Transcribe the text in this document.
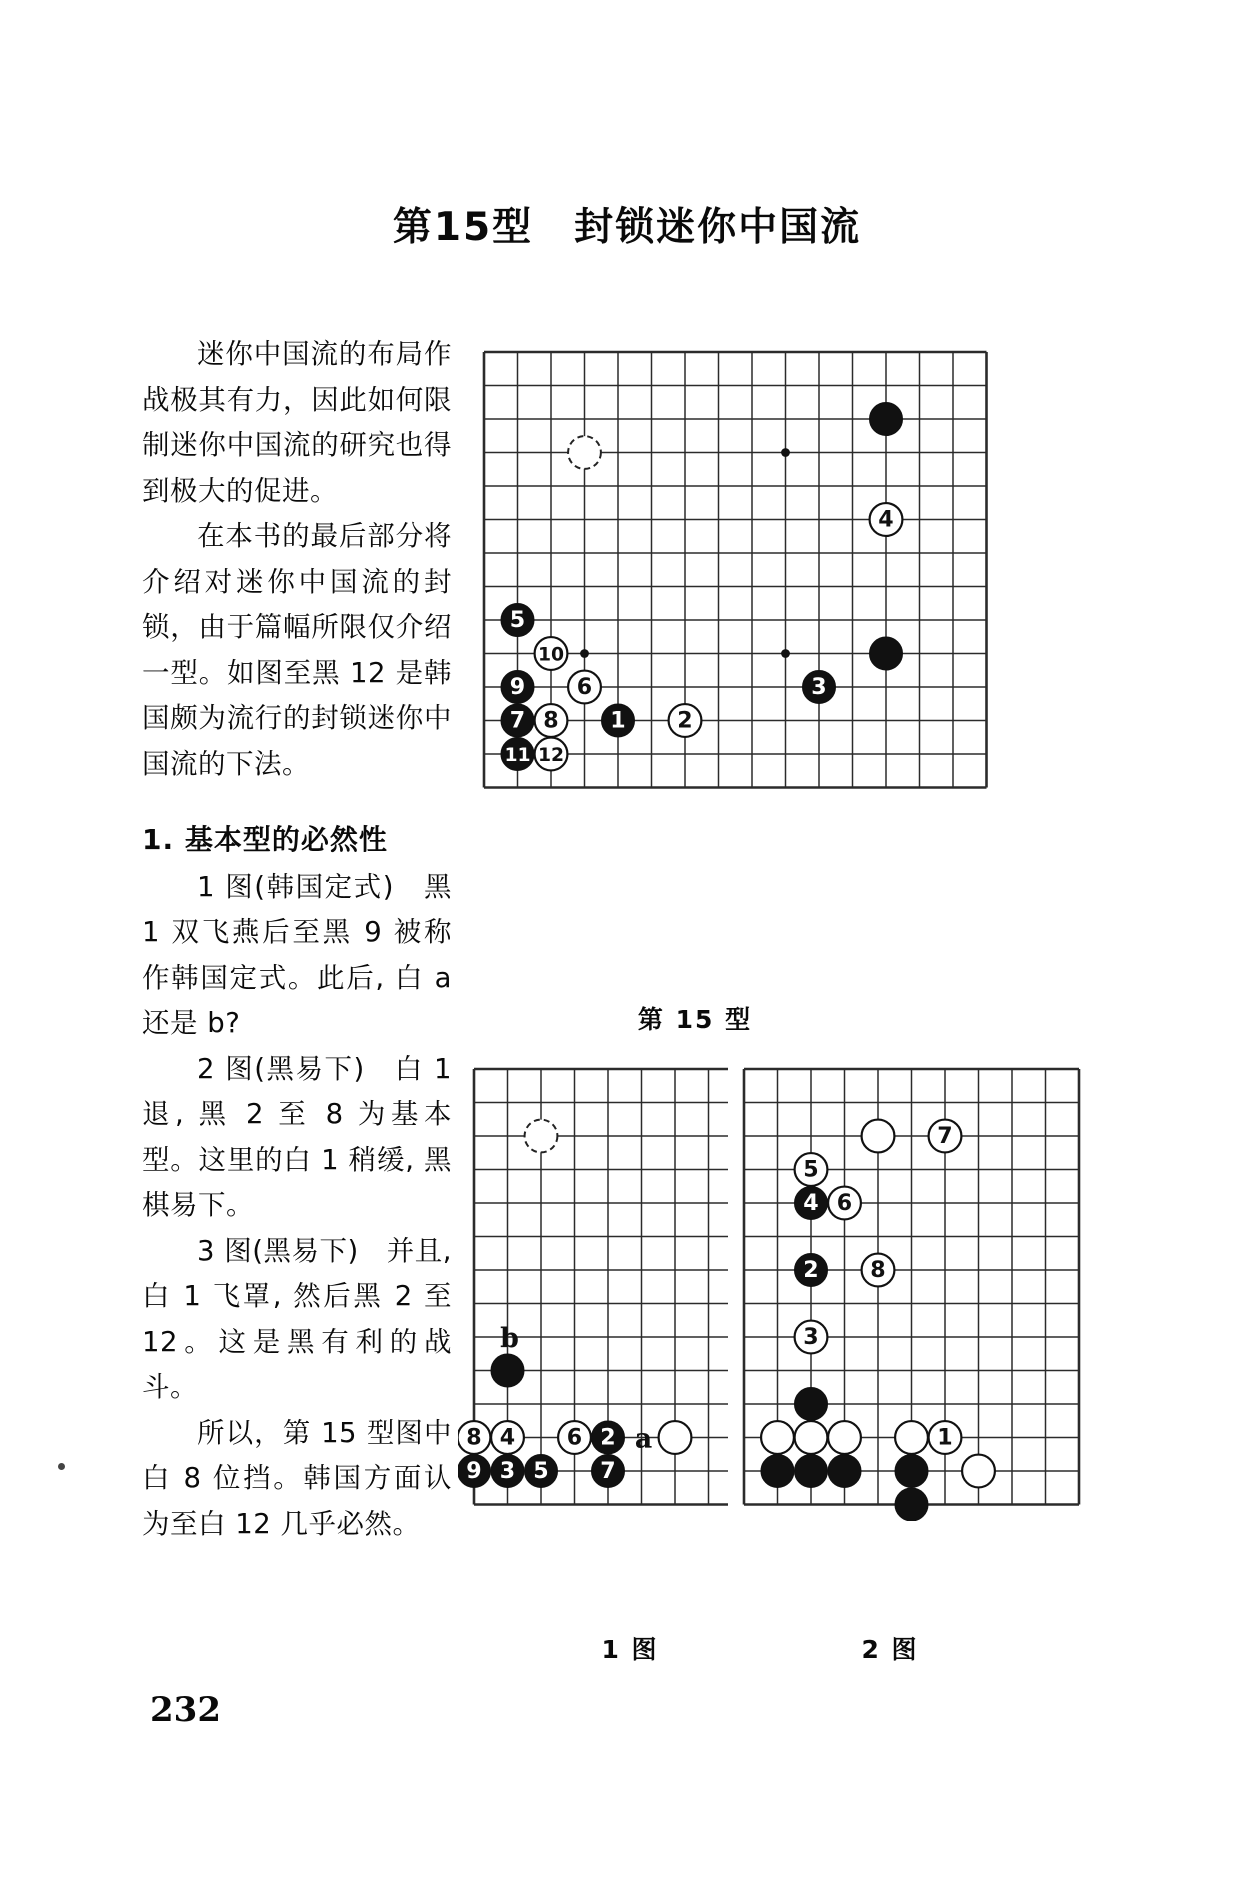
第15型　封锁迷你中国流

迷你中国流的布局作战极其有力，因此如何限制迷你中国流的研究也得到极大的促进。

在本书的最后部分将介绍对迷你中国流的封锁，由于篇幅所限仅介绍一型。如图至黑 12 是韩国颇为流行的封锁迷你中国流的下法。

1. 基本型的必然性

1 图(韩国定式)　黑 1 双飞燕后至黑 9 被称作韩国定式。此后, 白 a 还是 b?

2 图(黑易下)　白 1 退, 黑 2 至 8 为基本型。这里的白 1 稍缓, 黑棋易下。

3 图(黑易下)　并且, 白 1 飞罩, 然后黑 2 至 12。这是黑有利的战斗。

所以，第 15 型图中白 8 位挡。韩国方面认为至白 12 几乎必然。

232
4
3
5
10
9 6
7 8 1 2
11 12
第 15 型
8 4 6 2
9 3 5 7
b
a
1 图
7
5
4 6
2 8
3
1
2 图
